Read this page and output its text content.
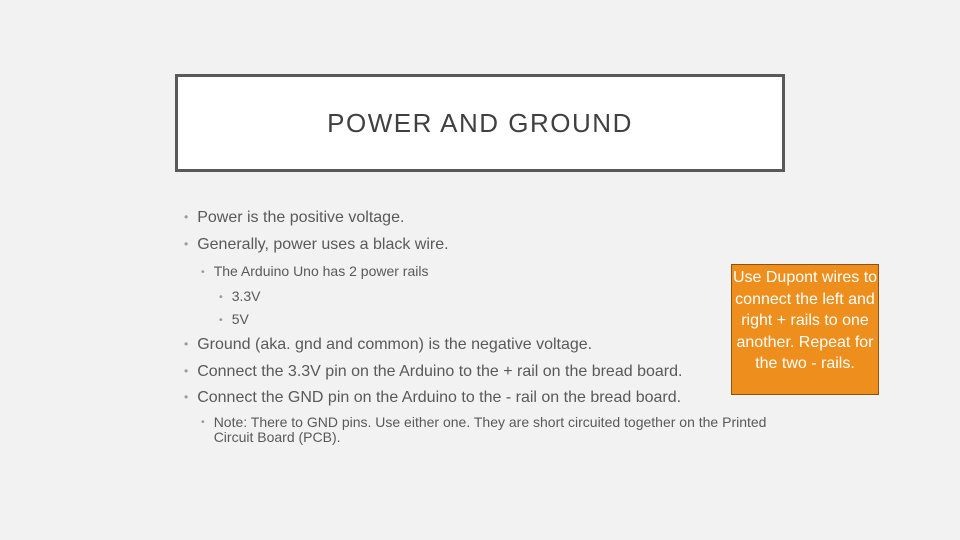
POWER AND GROUND
• Power is the positive voltage.
• Generally, power uses a black wire.
• The Arduino Uno has 2 power rails
• 3.3V
• 5V
• Ground (aka. gnd and common) is the negative voltage.
• Connect the 3.3V pin on the Arduino to the + rail on the bread board.
• Connect the GND pin on the Arduino to the - rail on the bread board.
• Note: There to GND pins. Use either one. They are short circuited together on the Printed Circuit Board (PCB).
Use Dupont wires to connect the left and right + rails to one another. Repeat for the two - rails.
